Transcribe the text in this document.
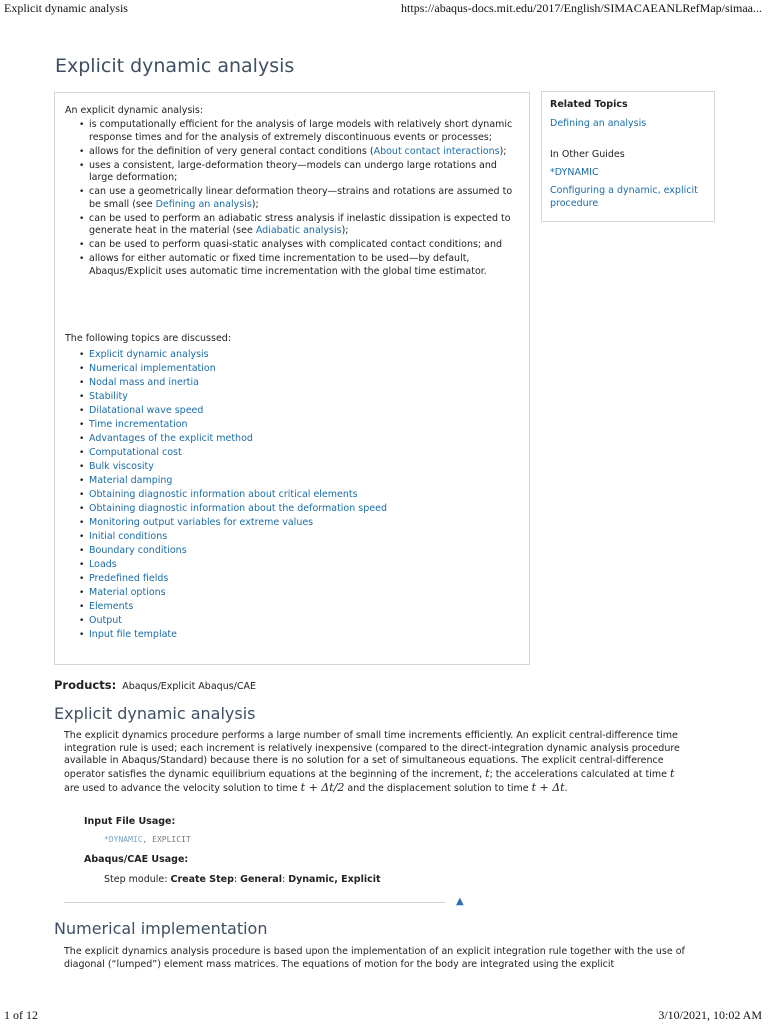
Explicit dynamic analysis	https://abaqus-docs.mit.edu/2017/English/SIMACAEANLRefMap/simaa...
Explicit dynamic analysis
An explicit dynamic analysis:
• is computationally efficient for the analysis of large models with relatively short dynamic response times and for the analysis of extremely discontinuous events or processes;
• allows for the definition of very general contact conditions (About contact interactions);
• uses a consistent, large-deformation theory—models can undergo large rotations and large deformation;
• can use a geometrically linear deformation theory—strains and rotations are assumed to be small (see Defining an analysis);
• can be used to perform an adiabatic stress analysis if inelastic dissipation is expected to generate heat in the material (see Adiabatic analysis);
• can be used to perform quasi-static analyses with complicated contact conditions; and
• allows for either automatic or fixed time incrementation to be used—by default, Abaqus/Explicit uses automatic time incrementation with the global time estimator.
The following topics are discussed:
• Explicit dynamic analysis
• Numerical implementation
• Nodal mass and inertia
• Stability
• Dilatational wave speed
• Time incrementation
• Advantages of the explicit method
• Computational cost
• Bulk viscosity
• Material damping
• Obtaining diagnostic information about critical elements
• Obtaining diagnostic information about the deformation speed
• Monitoring output variables for extreme values
• Initial conditions
• Boundary conditions
• Loads
• Predefined fields
• Material options
• Elements
• Output
• Input file template
Related Topics
Defining an analysis
In Other Guides
*DYNAMIC
Configuring a dynamic, explicit procedure
Products: Abaqus/Explicit Abaqus/CAE
Explicit dynamic analysis
The explicit dynamics procedure performs a large number of small time increments efficiently. An explicit central-difference time integration rule is used; each increment is relatively inexpensive (compared to the direct-integration dynamic analysis procedure available in Abaqus/Standard) because there is no solution for a set of simultaneous equations. The explicit central-difference operator satisfies the dynamic equilibrium equations at the beginning of the increment, t; the accelerations calculated at time t are used to advance the velocity solution to time t + Δt/2 and the displacement solution to time t + Δt.
Input File Usage:
*DYNAMIC, EXPLICIT
Abaqus/CAE Usage:
Step module: Create Step: General: Dynamic, Explicit
▲
Numerical implementation
The explicit dynamics analysis procedure is based upon the implementation of an explicit integration rule together with the use of diagonal (“lumped”) element mass matrices. The equations of motion for the body are integrated using the explicit
1 of 12	3/10/2021, 10:02 AM
